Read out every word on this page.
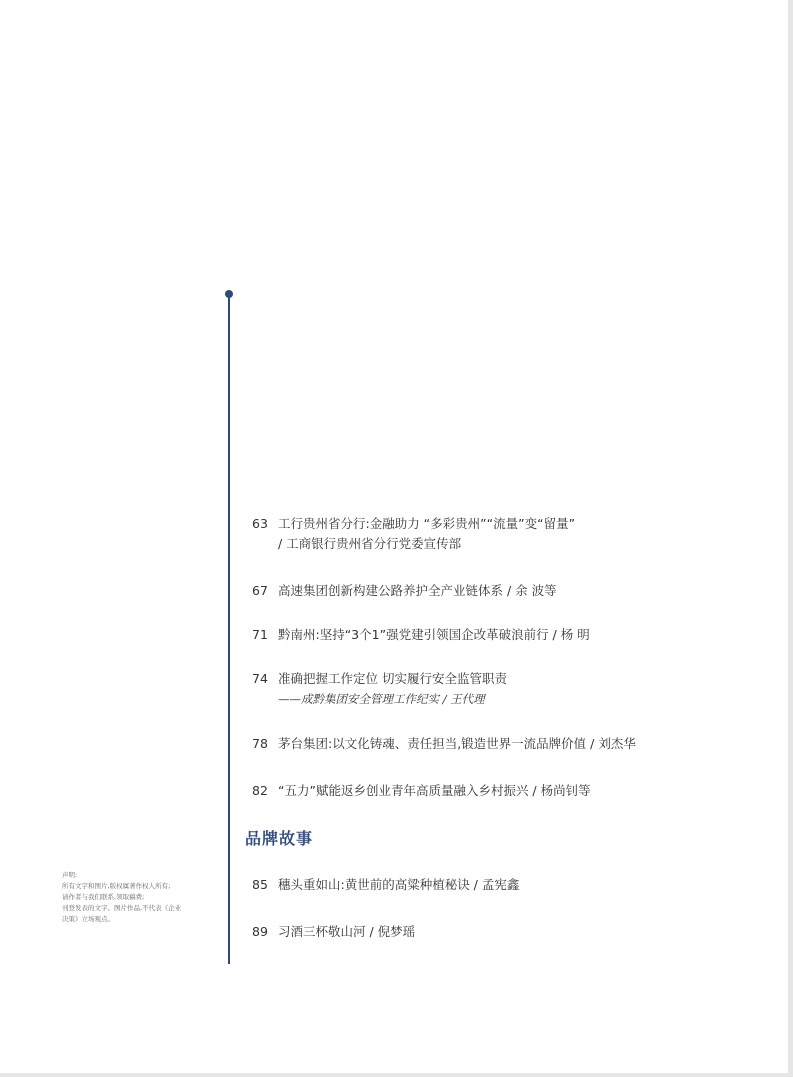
63 工行贵州省分行:金融助力 “多彩贵州”“流量”变“留量”
/ 工商银行贵州省分行党委宣传部
67 高速集团创新构建公路养护全产业链体系 / 余 波等
71 黔南州:坚持“3个1”强党建引领国企改革破浪前行 / 杨 明
74 准确把握工作定位 切实履行安全监管职责
——成黔集团安全管理工作纪实 / 王代理
78 茅台集团:以文化铸魂、责任担当,锻造世界一流品牌价值 / 刘杰华
82 “五力”赋能返乡创业青年高质量融入乡村振兴 / 杨尚钊等
品牌故事
85 穗头重如山:黄世前的高粱种植秘诀 / 孟宪鑫
89 习酒三杯敬山河 / 倪梦瑶
声明:
所有文字和图片,版权属著作权人所有;
请作者与我们联系,领取稿费;
刊登发表的文字、图片作品,不代表《企业
决策》立场观点。
